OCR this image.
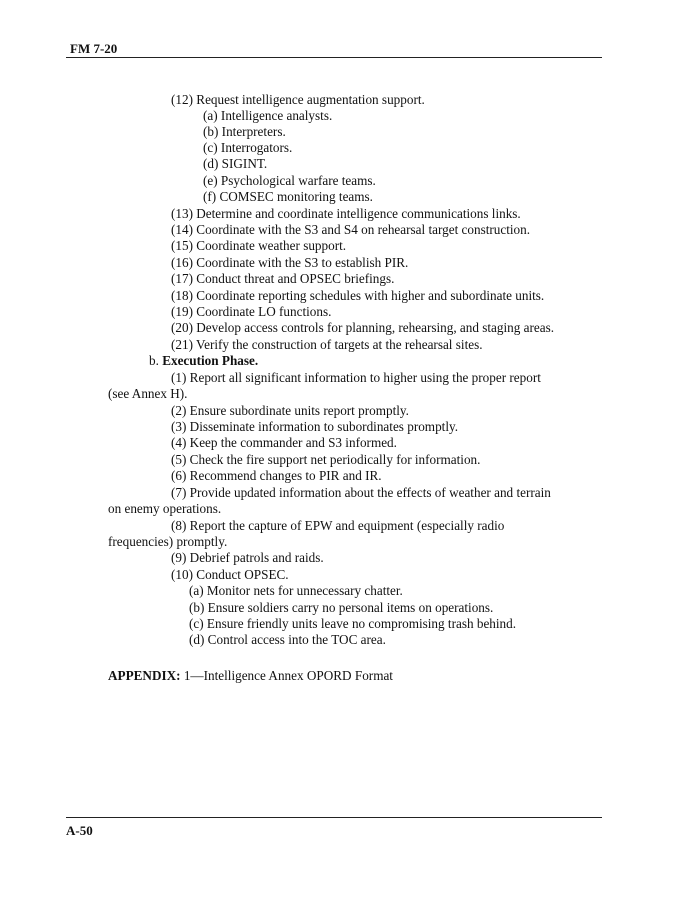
FM 7-20
(12) Request intelligence augmentation support.
(a) Intelligence analysts.
(b) Interpreters.
(c) Interrogators.
(d) SIGINT.
(e) Psychological warfare teams.
(f) COMSEC monitoring teams.
(13) Determine and coordinate intelligence communications links.
(14) Coordinate with the S3 and S4 on rehearsal target construction.
(15) Coordinate weather support.
(16) Coordinate with the S3 to establish PIR.
(17) Conduct threat and OPSEC briefings.
(18) Coordinate reporting schedules with higher and subordinate units.
(19) Coordinate LO functions.
(20) Develop access controls for planning, rehearsing, and staging areas.
(21) Verify the construction of targets at the rehearsal sites.
b. Execution Phase.
(1) Report all significant information to higher using the proper report
(see Annex H).
(2) Ensure subordinate units report promptly.
(3) Disseminate information to subordinates promptly.
(4) Keep the commander and S3 informed.
(5) Check the fire support net periodically for information.
(6) Recommend changes to PIR and IR.
(7) Provide updated information about the effects of weather and terrain
on enemy operations.
(8) Report the capture of EPW and equipment (especially radio
frequencies) promptly.
(9) Debrief patrols and raids.
(10) Conduct OPSEC.
(a) Monitor nets for unnecessary chatter.
(b) Ensure soldiers carry no personal items on operations.
(c) Ensure friendly units leave no compromising trash behind.
(d) Control access into the TOC area.
APPENDIX: 1—Intelligence Annex OPORD Format
A-50
